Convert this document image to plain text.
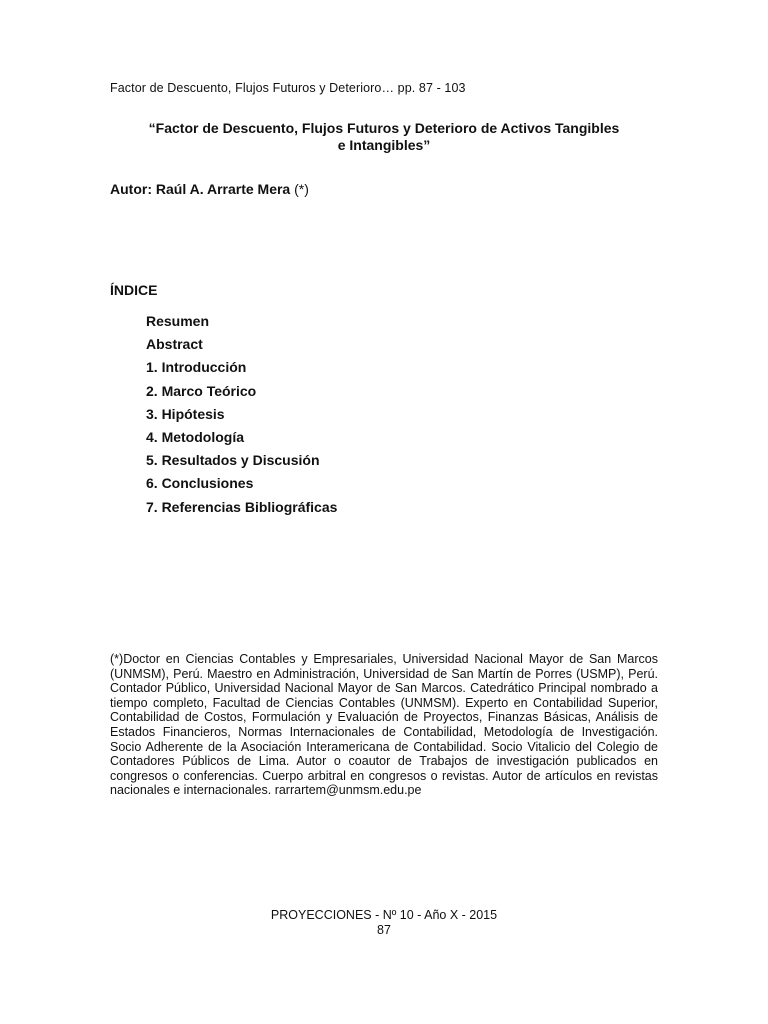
Factor de Descuento, Flujos Futuros y Deterioro… pp. 87 - 103
“Factor de Descuento, Flujos Futuros y Deterioro de Activos Tangibles
e Intangibles”
Autor: Raúl A. Arrarte Mera (*)
ÍNDICE
Resumen
Abstract
1. Introducción
2. Marco Teórico
3. Hipótesis
4. Metodología
5. Resultados y Discusión
6. Conclusiones
7. Referencias Bibliográficas
(*)Doctor en Ciencias Contables y Empresariales, Universidad Nacional Mayor de San Marcos (UNMSM), Perú. Maestro en Administración, Universidad de San Martín de Porres (USMP), Perú. Contador Público, Universidad Nacional Mayor de San Marcos. Catedrático Principal nombrado a tiempo completo, Facultad de Ciencias Contables (UNMSM). Experto en Contabilidad Superior, Contabilidad de Costos, Formulación y Evaluación de Proyectos, Finanzas Básicas, Análisis de Estados Financieros, Normas Internacionales de Contabilidad, Metodología de Investigación. Socio Adherente de la Asociación Interamericana de Contabilidad. Socio Vitalicio del Colegio de Contadores Públicos de Lima. Autor o coautor de Trabajos de investigación publicados en congresos o conferencias. Cuerpo arbitral en congresos o revistas. Autor de artículos en revistas nacionales e internacionales. rarrartem@unmsm.edu.pe
PROYECCIONES - Nº 10 - Año X - 2015
87
